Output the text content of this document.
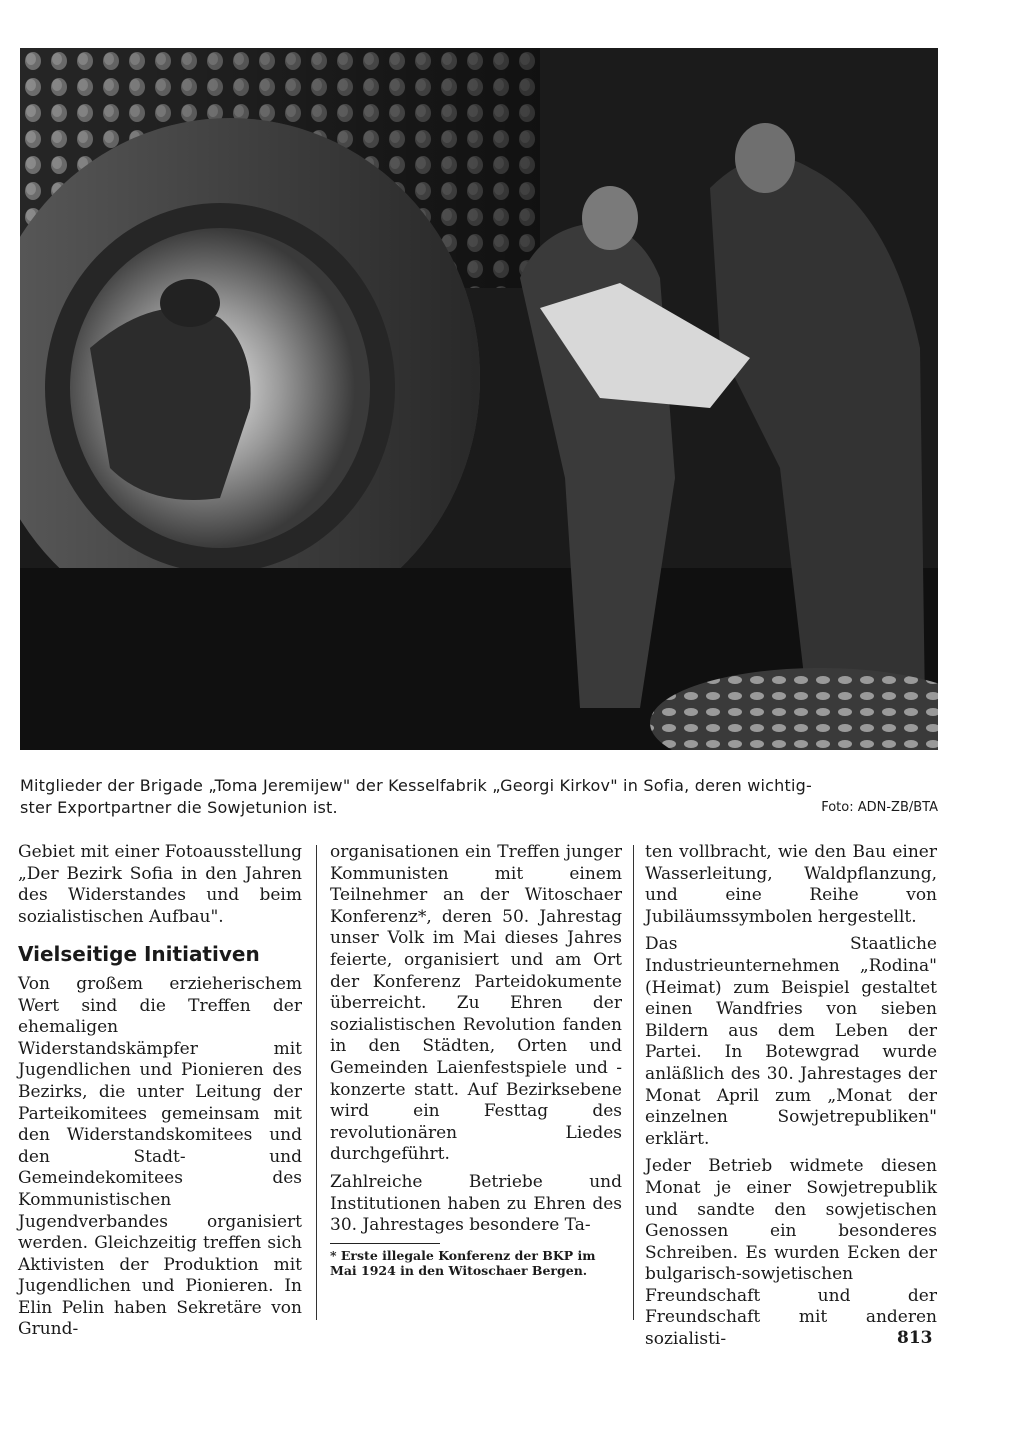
Mitglieder der Brigade „Toma Jeremijew" der Kesselfabrik „Georgi Kirkov" in Sofia, deren wichtig-
ster Exportpartner die Sowjetunion ist.	Foto: ADN-ZB/BTA

Gebiet mit einer Fotoausstellung „Der Bezirk Sofia in den Jahren des Widerstandes und beim sozialistischen Aufbau".

Vielseitige Initiativen

Von großem erzieherischem Wert sind die Treffen der ehemaligen Widerstandskämpfer mit Jugendlichen und Pionieren des Bezirks, die unter Leitung der Parteikomitees gemeinsam mit den Widerstandskomitees und den Stadt- und Gemeindekomitees des Kommunistischen Jugendverbandes organisiert werden. Gleichzeitig treffen sich Aktivisten der Produktion mit Jugendlichen und Pionieren. In Elin Pelin haben Sekretäre von Grund-

organisationen ein Treffen junger Kommunisten mit einem Teilnehmer an der Witoschaer Konferenz*, deren 50. Jahrestag unser Volk im Mai dieses Jahres feierte, organisiert und am Ort der Konferenz Parteidokumente überreicht. Zu Ehren der sozialistischen Revolution fanden in den Städten, Orten und Gemeinden Laienfestspiele und -konzerte statt. Auf Bezirksebene wird ein Festtag des revolutionären Liedes durchgeführt.

Zahlreiche Betriebe und Institutionen haben zu Ehren des 30. Jahrestages besondere Ta-

* Erste illegale Konferenz der BKP im Mai 1924 in den Witoschaer Bergen.

ten vollbracht, wie den Bau einer Wasserleitung, Waldpflanzung, und eine Reihe von Jubiläumssymbolen hergestellt.

Das Staatliche Industrieunternehmen „Rodina" (Heimat) zum Beispiel gestaltet einen Wandfries von sieben Bildern aus dem Leben der Partei. In Botewgrad wurde anläßlich des 30. Jahrestages der Monat April zum „Monat der einzelnen Sowjetrepubliken" erklärt.

Jeder Betrieb widmete diesen Monat je einer Sowjetrepublik und sandte den sowjetischen Genossen ein besonderes Schreiben. Es wurden Ecken der bulgarisch-sowjetischen Freundschaft und der Freundschaft mit anderen sozialisti-	813
